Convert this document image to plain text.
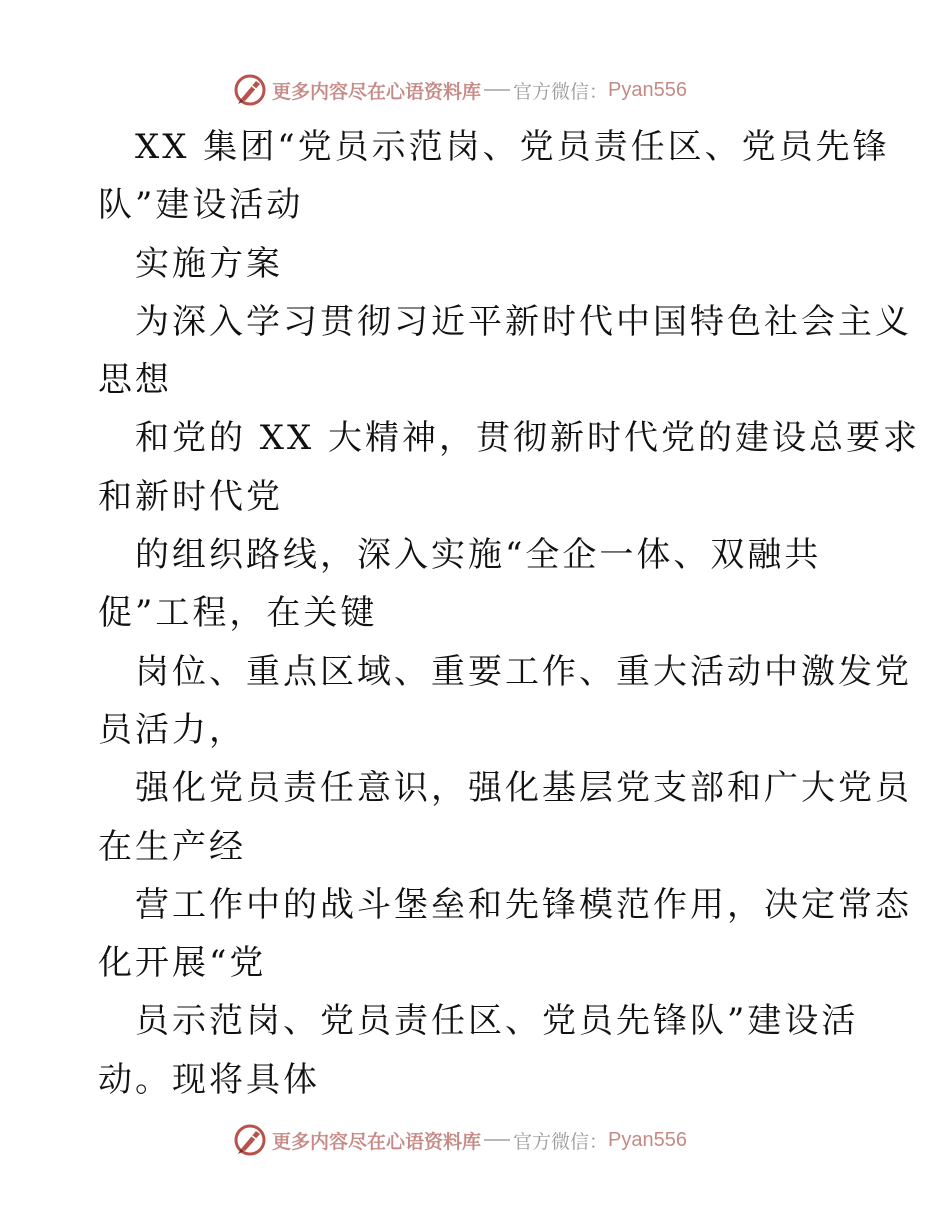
更多内容尽在心语资料库 官方微信： Pyan556
XX 集团“党员示范岗、党员责任区、党员先锋
队”建设活动
实施方案
为深入学习贯彻习近平新时代中国特色社会主义
思想
和党的 XX 大精神，贯彻新时代党的建设总要求
和新时代党
的组织路线，深入实施“全企一体、双融共
促”工程，在关键
岗位、重点区域、重要工作、重大活动中激发党
员活力，
强化党员责任意识，强化基层党支部和广大党员
在生产经
营工作中的战斗堡垒和先锋模范作用，决定常态
化开展“党
员示范岗、党员责任区、党员先锋队”建设活
动。现将具体
更多内容尽在心语资料库 官方微信： Pyan556
